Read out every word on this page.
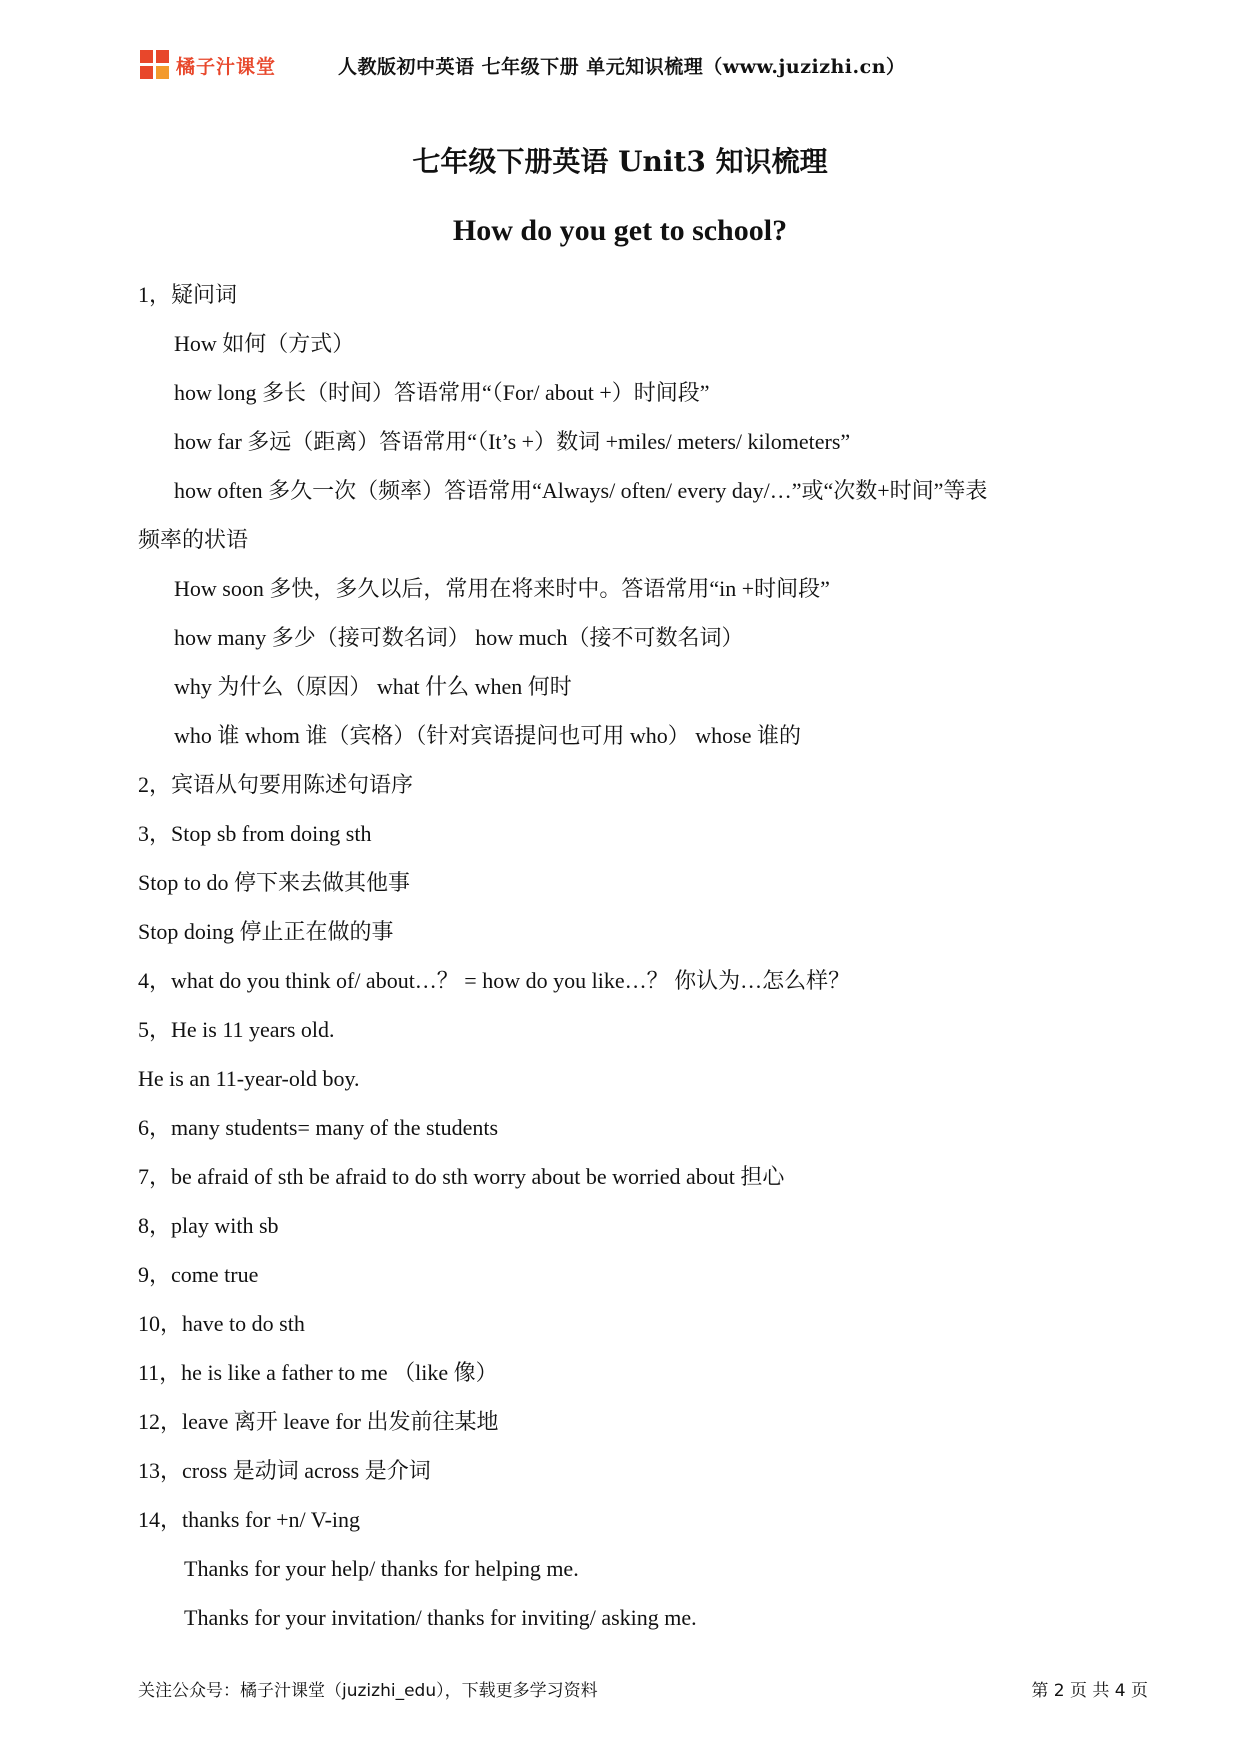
橘子汁课堂	人教版初中英语 七年级下册 单元知识梳理（www.juzizhi.cn）
七年级下册英语 Unit3 知识梳理
How do you get to school?
1，疑问词
How 如何（方式）
how long 多长（时间）答语常用“（For/ about +）时间段”
how far 多远（距离）答语常用“（It’s +）数词 +miles/ meters/ kilometers”
how often 多久一次（频率）答语常用“Always/ often/ every day/…”或“次数+时间”等表
频率的状语
How soon 多快，多久以后，常用在将来时中。答语常用“in +时间段”
how many 多少（接可数名词） how much（接不可数名词）
why 为什么（原因） what 什么 when 何时
who 谁 whom 谁（宾格）（针对宾语提问也可用 who） whose 谁的
2，宾语从句要用陈述句语序
3，Stop sb from doing sth
Stop to do 停下来去做其他事
Stop doing 停止正在做的事
4，what do you think of/ about…？ = how do you like…？ 你认为…怎么样？
5，He is 11 years old.
He is an 11-year-old boy.
6，many students= many of the students
7，be afraid of sth be afraid to do sth worry about be worried about 担心
8，play with sb
9，come true
10，have to do sth
11，he is like a father to me （like 像）
12，leave 离开 leave for 出发前往某地
13，cross 是动词 across 是介词
14，thanks for +n/ V-ing
Thanks for your help/ thanks for helping me.
Thanks for your invitation/ thanks for inviting/ asking me.
关注公众号：橘子汁课堂（juzizhi_edu），下载更多学习资料	第 2 页 共 4 页
